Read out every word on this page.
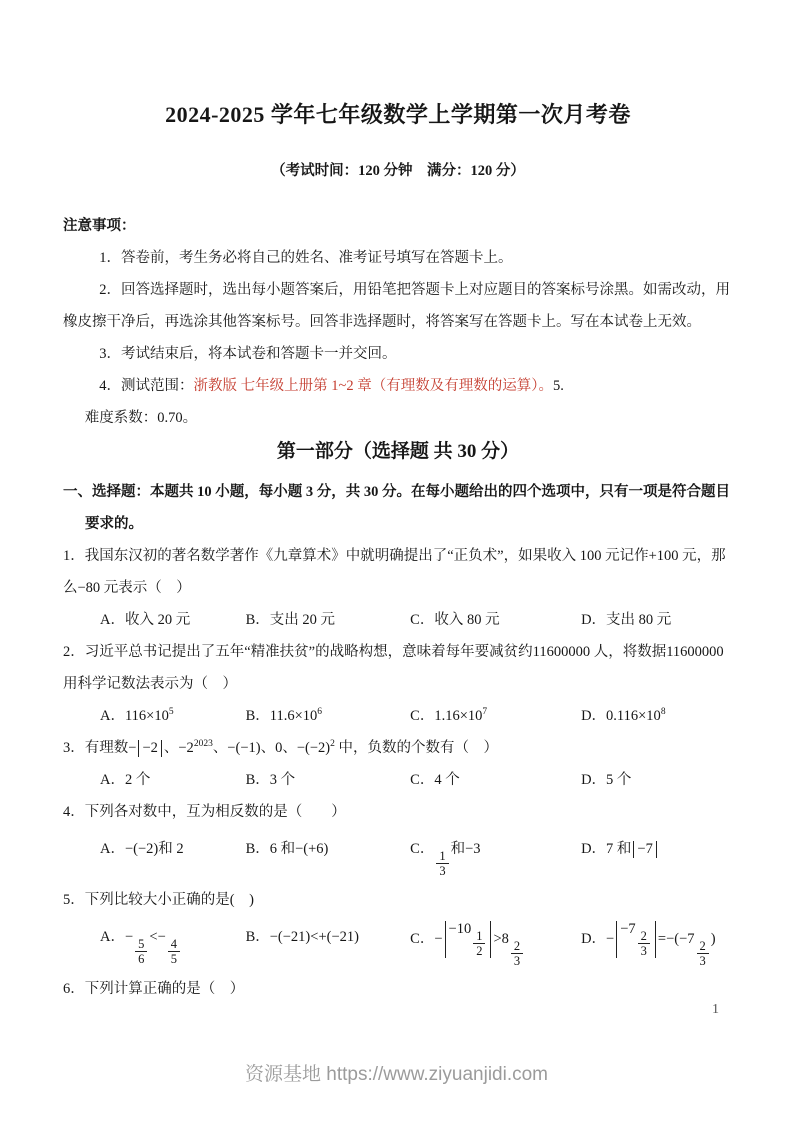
2024-2025 学年七年级数学上学期第一次月考卷
（考试时间：120 分钟　满分：120 分）
注意事项：

1．答卷前，考生务必将自己的姓名、准考证号填写在答题卡上。

2．回答选择题时，选出每小题答案后，用铅笔把答题卡上对应题目的答案标号涂黑。如需改动，用橡皮擦干净后，再选涂其他答案标号。回答非选择题时，将答案写在答题卡上。写在本试卷上无效。

3．考试结束后，将本试卷和答题卡一并交回。

4．测试范围：浙教版 七年级上册第 1~2 章（有理数及有理数的运算）。5.

难度系数：0.70。

第一部分（选择题 共 30 分）

一、选择题：本题共 10 小题，每小题 3 分，共 30 分。在每小题给出的四个选项中，只有一项是符合题目要求的。

1．我国东汉初的著名数学著作《九章算术》中就明确提出了“正负术”，如果收入 100 元记作+100 元，那么−80 元表示（　）
A．收入 20 元	B．支出 20 元	C．收入 80 元	D．支出 80 元
2．习近平总书记提出了五年“精准扶贫”的战略构想，意味着每年要减贫约11600000 人，将数据11600000用科学记数法表示为（　）
A．$116\times 10^5$	B．$11.6\times 10^6$	C．$1.16\times 10^7$	D．$0.116\times 10^8$
3．有理数− −2 、$-2^{2023}$、−(−1)、0、$-(-2)^2$ 中，负数的个数有（　）
A．2 个	B．3 个	C．4 个	D．5 个
4．下列各对数中，互为相反数的是（　　）
A．−(−2)和 2	B．6 和−(+6)	C． $\frac{1}{3}$ 和−3	D．7 和 −7
5．下列比较大小正确的是(　)
A．− $\frac{5}{6} <- \frac{4}{5}$	B．−(−21)<+(−21)	C．$--10 \frac{1}{2} >8 \frac{2}{3}$	D．$--7 \frac{2}{3} =-(-7 \frac{2}{3}$ )
6．下列计算正确的是（　）
1
资源基地 https://www.ziyuanjidi.com
